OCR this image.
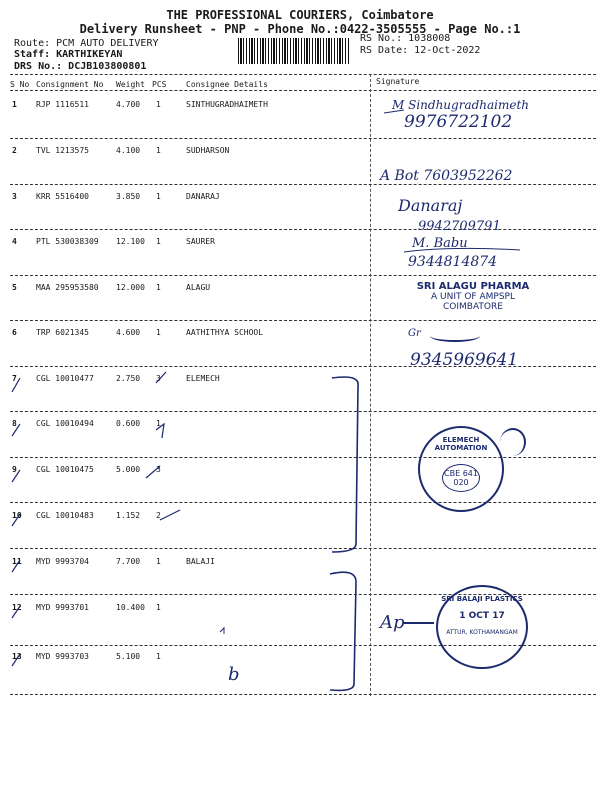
THE PROFESSIONAL COURIERS, Coimbatore
Delivery Runsheet - PNP - Phone No.:0422-3505555 - Page No.:1
Route: PCM AUTO DELIVERY
Staff: KARTHIKEYAN
DRS No.: DCJB103800801
RS No.: 1038008
RS Date: 12-Oct-2022
S No Consignment No Weight PCS Consignee Details	Signature
1 RJP 1116511	4.700 1	SINTHUGRADHAIMETH
2 TVL 1213575	4.100 1	SUDHARSON
3 KRR 5516400	3.850 1	DANARAJ
4 PTL 530038309 12.100 1	SAURER
5 MAA 295953580 12.000 1	ALAGU
6 TRP 6021345	4.600 1	AATHITHYA SCHOOL
7 CGL 10010477	2.750 3	ELEMECH
8 CGL 10010494	0.600 1
9 CGL 10010475	5.000 3
10 CGL 10010483	1.152 2
11 MYD 9993704	7.700 1	BALAJI
12 MYD 9993701	10.400 1
13 MYD 9993703	5.100 1
M Sindhugradhaimeth
9976722102
A Bot 7603952262
Danaraj
9942709791
M. Babu
9344814874
SRI ALAGU PHARMA
A UNIT OF AMPSPL
COIMBATORE
Gr
9345969641
ELEMECH AUTOMATION
CBE 641 020
Ap
SRI BALAJI PLASTICS
1 OCT 17
ATTUR, KOTHAMANGAM
b
